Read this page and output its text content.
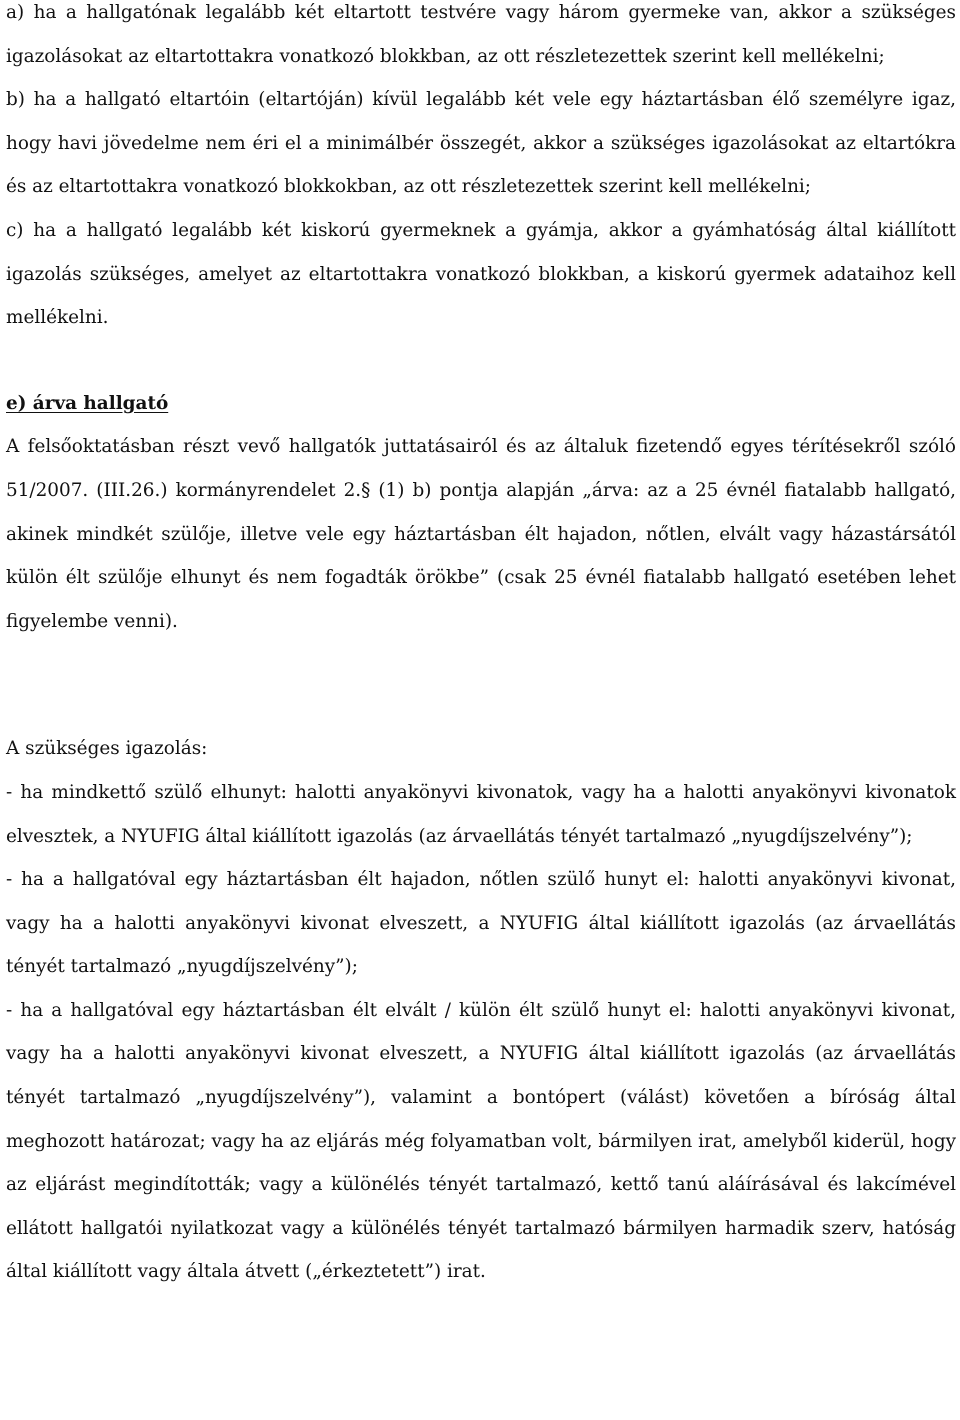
a) ha a hallgatónak legalább két eltartott testvére vagy három gyermeke van, akkor a szükséges igazolásokat az eltartottakra vonatkozó blokkban, az ott részletezettek szerint kell mellékelni;

b) ha a hallgató eltartóin (eltartóján) kívül legalább két vele egy háztartásban élő személyre igaz, hogy havi jövedelme nem éri el a minimálbér összegét, akkor a szükséges igazolásokat az eltartókra és az eltartottakra vonatkozó blokkokban, az ott részletezettek szerint kell mellékelni;

c) ha a hallgató legalább két kiskorú gyermeknek a gyámja, akkor a gyámhatóság által kiállított igazolás szükséges, amelyet az eltartottakra vonatkozó blokkban, a kiskorú gyermek adataihoz kell mellékelni.

e) árva hallgató

A felsőoktatásban részt vevő hallgatók juttatásairól és az általuk fizetendő egyes térítésekről szóló 51/2007. (III.26.) kormányrendelet 2.§ (1) b) pontja alapján „árva: az a 25 évnél fiatalabb hallgató, akinek mindkét szülője, illetve vele egy háztartásban élt hajadon, nőtlen, elvált vagy házastársától külön élt szülője elhunyt és nem fogadták örökbe” (csak 25 évnél fiatalabb hallgató esetében lehet figyelembe venni).

A szükséges igazolás:

- ha mindkettő szülő elhunyt: halotti anyakönyvi kivonatok, vagy ha a halotti anyakönyvi kivonatok elvesztek, a NYUFIG által kiállított igazolás (az árvaellátás tényét tartalmazó „nyugdíjszelvény”);

- ha a hallgatóval egy háztartásban élt hajadon, nőtlen szülő hunyt el: halotti anyakönyvi kivonat, vagy ha a halotti anyakönyvi kivonat elveszett, a NYUFIG által kiállított igazolás (az árvaellátás tényét tartalmazó „nyugdíjszelvény”);

- ha a hallgatóval egy háztartásban élt elvált / külön élt szülő hunyt el: halotti anyakönyvi kivonat, vagy ha a halotti anyakönyvi kivonat elveszett, a NYUFIG által kiállított igazolás (az árvaellátás tényét tartalmazó „nyugdíjszelvény”), valamint a bontópert (válást) követően a bíróság által meghozott határozat; vagy ha az eljárás még folyamatban volt, bármilyen irat, amelyből kiderül, hogy az eljárást megindították; vagy a különélés tényét tartalmazó, kettő tanú aláírásával és lakcímével ellátott hallgatói nyilatkozat vagy a különélés tényét tartalmazó bármilyen harmadik szerv, hatóság által kiállított vagy általa átvett („érkeztetett”) irat.
